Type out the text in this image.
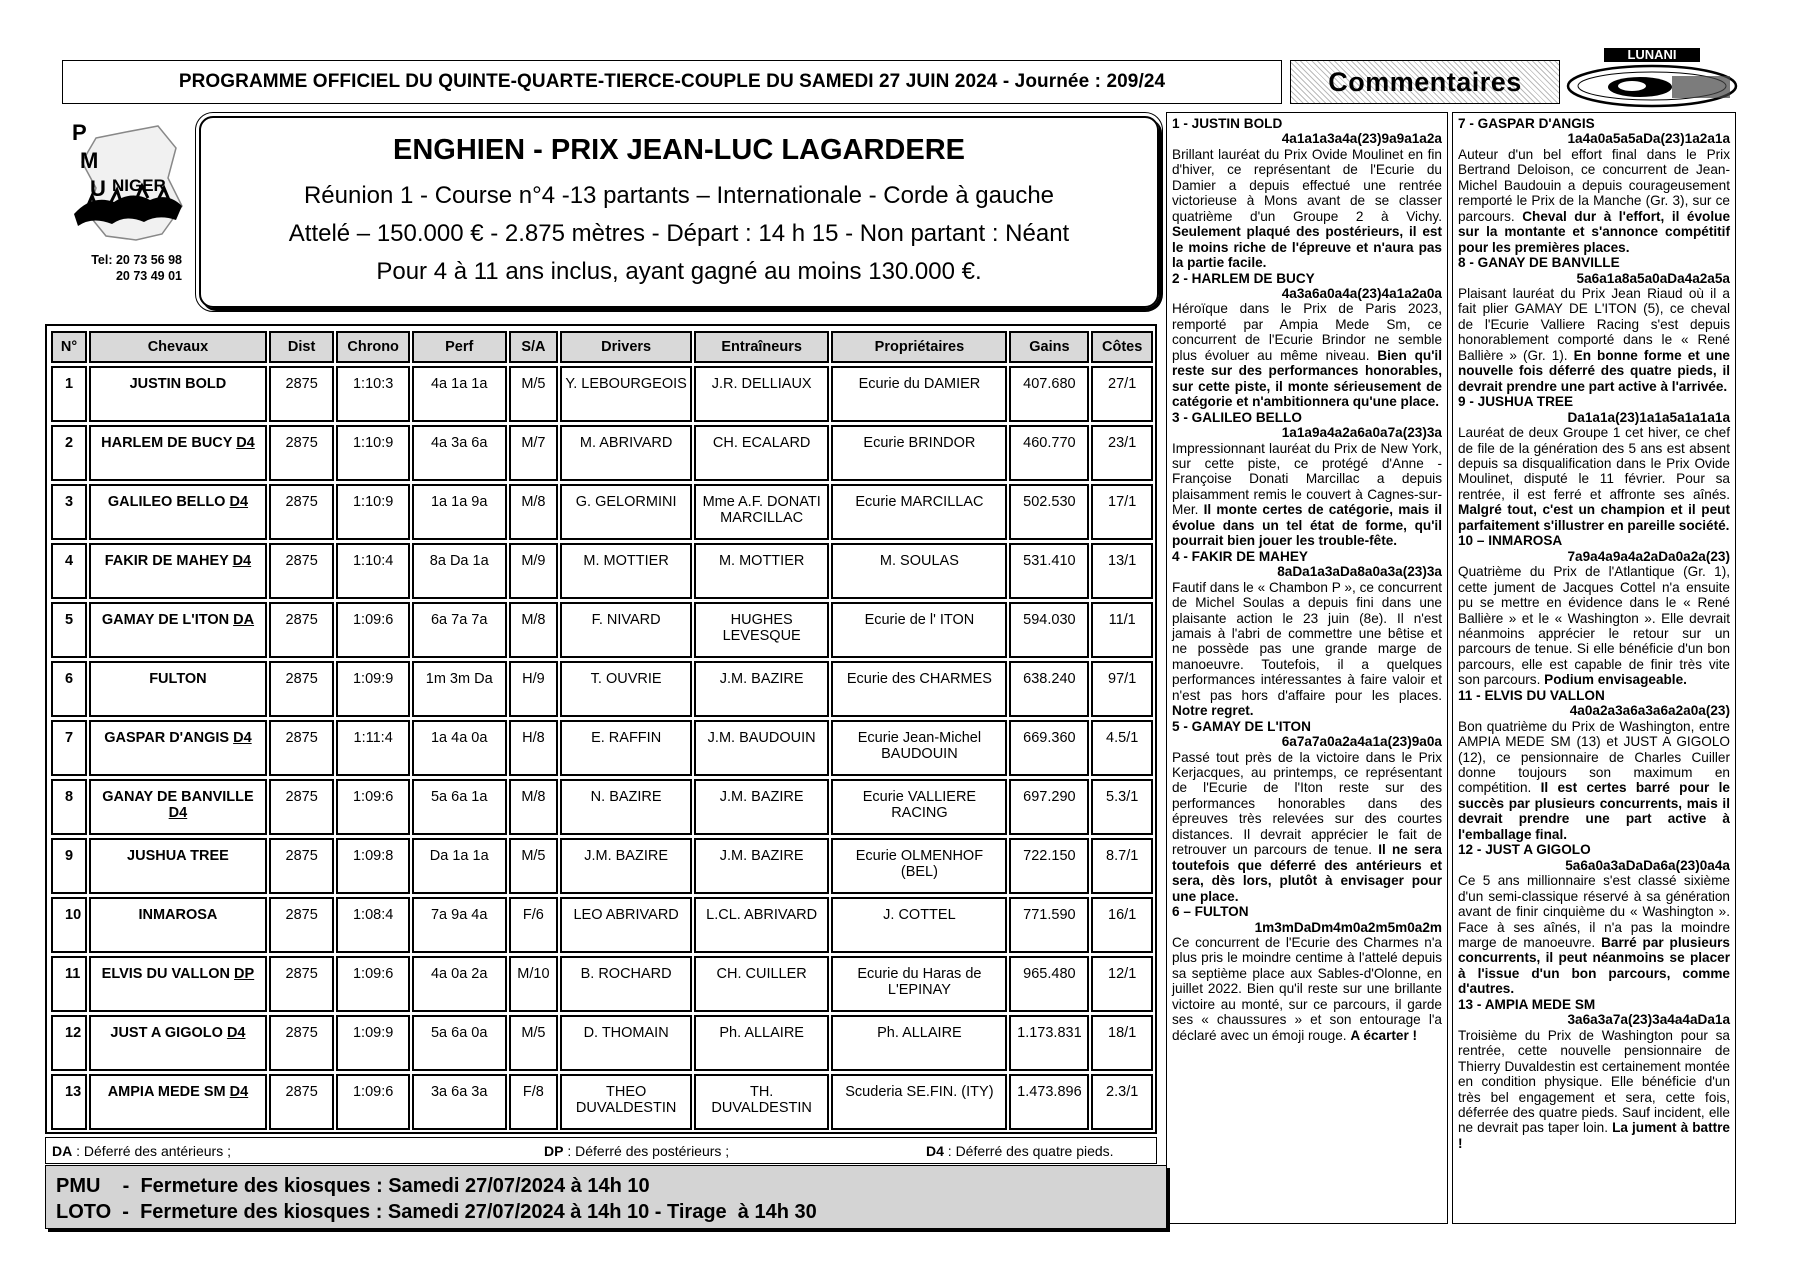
PROGRAMME OFFICIEL DU QUINTE-QUARTE-TIERCE-COUPLE DU SAMEDI 27 JUIN 2024 - Journée : 209/24	Commentaires
LUNANI
P
M
U NIGER
Tel: 20 73 56 98
20 73 49 01
ENGHIEN - PRIX JEAN-LUC LAGARDERE
Réunion 1 - Course n°4 -13 partants – Internationale - Corde à gauche
Attelé – 150.000 € - 2.875 mètres - Départ : 14 h 15 - Non partant : Néant
Pour 4 à 11 ans inclus, ayant gagné au moins 130.000 €.
N°	Chevaux	Dist	Chrono	Perf	S/A	Drivers	Entraîneurs	Propriétaires	Gains	Côtes
1	JUSTIN BOLD	2875	1:10:3	4a 1a 1a	M/5	Y. LEBOURGEOIS	J.R. DELLIAUX	Ecurie du DAMIER	407.680	27/1
2	HARLEM DE BUCY D4	2875	1:10:9	4a 3a 6a	M/7	M. ABRIVARD	CH. ECALARD	Ecurie BRINDOR	460.770	23/1
3	GALILEO BELLO D4	2875	1:10:9	1a 1a 9a	M/8	G. GELORMINI	Mme A.F. DONATI MARCILLAC	Ecurie MARCILLAC	502.530	17/1
4	FAKIR DE MAHEY D4	2875	1:10:4	8a Da 1a	M/9	M. MOTTIER	M. MOTTIER	M. SOULAS	531.410	13/1
5	GAMAY DE L'ITON DA	2875	1:09:6	6a 7a 7a	M/8	F. NIVARD	HUGHES LEVESQUE	Ecurie de l' ITON	594.030	11/1
6	FULTON	2875	1:09:9	1m 3m Da	H/9	T. OUVRIE	J.M. BAZIRE	Ecurie des CHARMES	638.240	97/1
7	GASPAR D'ANGIS D4	2875	1:11:4	1a 4a 0a	H/8	E. RAFFIN	J.M. BAUDOUIN	Ecurie Jean-Michel BAUDOUIN	669.360	4.5/1
8	GANAY DE BANVILLE D4	2875	1:09:6	5a 6a 1a	M/8	N. BAZIRE	J.M. BAZIRE	Ecurie VALLIERE RACING	697.290	5.3/1
9	JUSHUA TREE	2875	1:09:8	Da 1a 1a	M/5	J.M. BAZIRE	J.M. BAZIRE	Ecurie OLMENHOF (BEL)	722.150	8.7/1
10	INMAROSA	2875	1:08:4	7a 9a 4a	F/6	LEO ABRIVARD	L.CL. ABRIVARD	J. COTTEL	771.590	16/1
11	ELVIS DU VALLON DP	2875	1:09:6	4a 0a 2a	M/10	B. ROCHARD	CH. CUILLER	Ecurie du Haras de L'EPINAY	965.480	12/1
12	JUST A GIGOLO D4	2875	1:09:9	5a 6a 0a	M/5	D. THOMAIN	Ph. ALLAIRE	Ph. ALLAIRE	1.173.831	18/1
13	AMPIA MEDE SM D4	2875	1:09:6	3a 6a 3a	F/8	THEO DUVALDESTIN	TH. DUVALDESTIN	Scuderia SE.FIN. (ITY)	1.473.896	2.3/1
DA : Déferré des antérieurs ;	DP : Déferré des postérieurs ;	D4 : Déferré des quatre pieds.
PMU    -  Fermeture des kiosques : Samedi 27/07/2024 à 14h 10
LOTO  -  Fermeture des kiosques : Samedi 27/07/2024 à 14h 10 - Tirage  à 14h 30
1 - JUSTIN BOLD
4a1a1a3a4a(23)9a9a1a2a
Brillant lauréat du Prix Ovide Moulinet en fin d'hiver, ce représentant de l'Ecurie du Damier a depuis effectué une rentrée victorieuse à Mons avant de se classer quatrième d'un Groupe 2 à Vichy. Seulement plaqué des postérieurs, il est le moins riche de l'épreuve et n'aura pas la partie facile.
2 - HARLEM DE BUCY
4a3a6a0a4a(23)4a1a2a0a
Héroïque dans le Prix de Paris 2023, remporté par Ampia Mede Sm, ce concurrent de l'Ecurie Brindor ne semble plus évoluer au même niveau. Bien qu'il reste sur des performances honorables, sur cette piste, il monte sérieusement de catégorie et n'ambitionnera qu'une place.
3 - GALILEO BELLO
1a1a9a4a2a6a0a7a(23)3a
Impressionnant lauréat du Prix de New York, sur cette piste, ce protégé d'Anne -Françoise Donati Marcillac a depuis plaisamment remis le couvert à Cagnes-sur-Mer. Il monte certes de catégorie, mais il évolue dans un tel état de forme, qu'il pourrait bien jouer les trouble-fête.
4 - FAKIR DE MAHEY
8aDa1a3aDa8a0a3a(23)3a
Fautif dans le « Chambon P », ce concurrent de Michel Soulas a depuis fini dans une plaisante action le 23 juin (8e). Il n'est jamais à l'abri de commettre une bêtise et ne possède pas une grande marge de manoeuvre. Toutefois, il a quelques performances intéressantes à faire valoir et n'est pas hors d'affaire pour les places. Notre regret.
5 - GAMAY DE L'ITON
6a7a7a0a2a4a1a(23)9a0a
Passé tout près de la victoire dans le Prix Kerjacques, au printemps, ce représentant de l'Ecurie de l'Iton reste sur des performances honorables dans des épreuves très relevées sur des courtes distances. Il devrait apprécier le fait de retrouver un parcours de tenue. Il ne sera toutefois que déferré des antérieurs et sera, dès lors, plutôt à envisager pour une place.
6 – FULTON
1m3mDaDm4m0a2m5m0a2m
Ce concurrent de l'Ecurie des Charmes n'a plus pris le moindre centime à l'attelé depuis sa septième place aux Sables-d'Olonne, en juillet 2022. Bien qu'il reste sur une brillante victoire au monté, sur ce parcours, il garde ses « chaussures » et son entourage l'a déclaré avec un émoji rouge. A écarter !
7 - GASPAR D'ANGIS
1a4a0a5a5aDa(23)1a2a1a
Auteur d'un bel effort final dans le Prix Bertrand Deloison, ce concurrent de Jean-Michel Baudouin a depuis courageusement remporté le Prix de la Manche (Gr. 3), sur ce parcours. Cheval dur à l'effort, il évolue sur la montante et s'annonce compétitif pour les premières places.
8 - GANAY DE BANVILLE
5a6a1a8a5a0aDa4a2a5a
Plaisant lauréat du Prix Jean Riaud où il a fait plier GAMAY DE L'ITON (5), ce cheval de l'Ecurie Valliere Racing s'est depuis honorablement comporté dans le « René Ballière » (Gr. 1). En bonne forme et une nouvelle fois déferré des quatre pieds, il devrait prendre une part active à l'arrivée.
9 - JUSHUA TREE
Da1a1a(23)1a1a5a1a1a1a
Lauréat de deux Groupe 1 cet hiver, ce chef de file de la génération des 5 ans est absent depuis sa disqualification dans le Prix Ovide Moulinet, disputé le 11 février. Pour sa rentrée, il est ferré et affronte ses aînés. Malgré tout, c'est un champion et il peut parfaitement s'illustrer en pareille société.
10 – INMAROSA
7a9a4a9a4a2aDa0a2a(23)
Quatrième du Prix de l'Atlantique (Gr. 1), cette jument de Jacques Cottel n'a ensuite pu se mettre en évidence dans le « René Ballière » et le « Washington ». Elle devrait néanmoins apprécier le retour sur un parcours de tenue. Si elle bénéficie d'un bon parcours, elle est capable de finir très vite son parcours. Podium envisageable.
11 - ELVIS DU VALLON
4a0a2a3a6a3a6a2a0a(23)
Bon quatrième du Prix de Washington, entre AMPIA MEDE SM (13) et JUST A GIGOLO (12), ce pensionnaire de Charles Cuiller donne toujours son maximum en compétition. Il est certes barré pour le succès par plusieurs concurrents, mais il devrait prendre une part active à l'emballage final.
12 - JUST A GIGOLO
5a6a0a3aDaDa6a(23)0a4a
Ce 5 ans millionnaire s'est classé sixième d'un semi-classique réservé à sa génération avant de finir cinquième du « Washington ». Face à ses aînés, il n'a pas la moindre marge de manoeuvre. Barré par plusieurs concurrents, il peut néanmoins se placer à l'issue d'un bon parcours, comme d'autres.
13 - AMPIA MEDE SM
3a6a3a7a(23)3a4a4aDa1a
Troisième du Prix de Washington pour sa rentrée, cette nouvelle pensionnaire de Thierry Duvaldestin est certainement montée en condition physique. Elle bénéficie d'un très bel engagement et sera, cette fois, déferrée des quatre pieds. Sauf incident, elle ne devrait pas taper loin. La jument à battre !
